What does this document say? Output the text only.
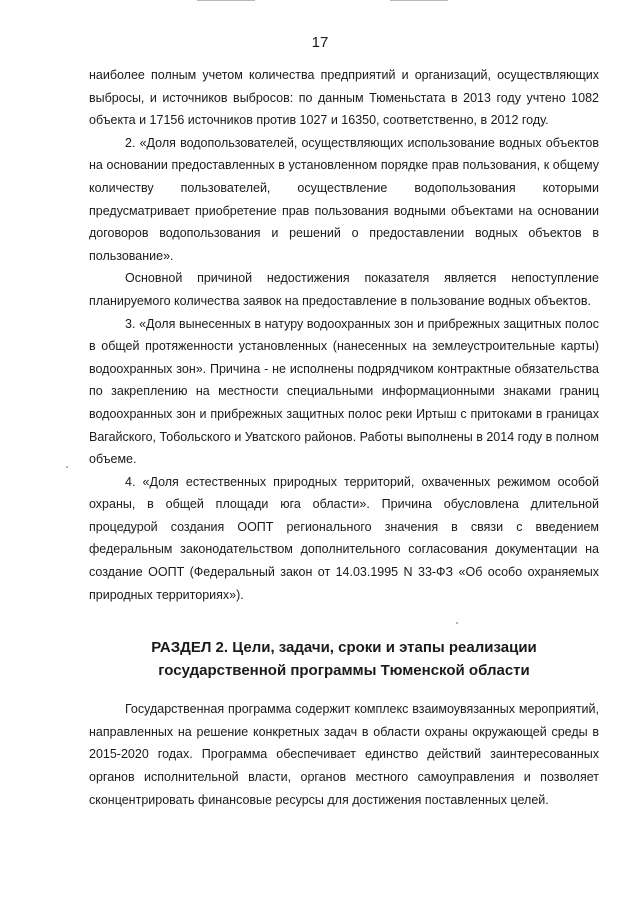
17

наиболее полным учетом количества предприятий и организаций, осуществляющих выбросы, и источников выбросов: по данным Тюменьстата в 2013 году учтено 1082 объекта и 17156 источников против 1027 и 16350, соответственно, в 2012 году.

2. «Доля водопользователей, осуществляющих использование водных объектов на основании предоставленных в установленном порядке прав пользования, к общему количеству пользователей, осуществление водопользования которыми предусматривает приобретение прав пользования водными объектами на основании договоров водопользования и решений о предоставлении водных объектов в пользование».

Основной причиной недостижения показателя является непоступление планируемого количества заявок на предоставление в пользование водных объектов.

3. «Доля вынесенных в натуру водоохранных зон и прибрежных защитных полос в общей протяженности установленных (нанесенных на землеустроительные карты) водоохранных зон». Причина - не исполнены подрядчиком контрактные обязательства по закреплению на местности специальными информационными знаками границ водоохранных зон и прибрежных защитных полос реки Иртыш с притоками в границах Вагайского, Тобольского и Уватского районов. Работы выполнены в 2014 году в полном объеме.

4. «Доля естественных природных территорий, охваченных режимом особой охраны, в общей площади юга области». Причина обусловлена длительной процедурой создания ООПТ регионального значения в связи с введением федеральным законодательством дополнительного согласования документации на создание ООПТ (Федеральный закон от 14.03.1995 N 33-ФЗ «Об особо охраняемых природных территориях»).

РАЗДЕЛ 2. Цели, задачи, сроки и этапы реализации
государственной программы Тюменской области

Государственная программа содержит комплекс взаимоувязанных мероприятий, направленных на решение конкретных задач в области охраны окружающей среды в 2015-2020 годах. Программа обеспечивает единство действий заинтересованных органов исполнительной власти, органов местного самоуправления и позволяет сконцентрировать финансовые ресурсы для достижения поставленных целей.
